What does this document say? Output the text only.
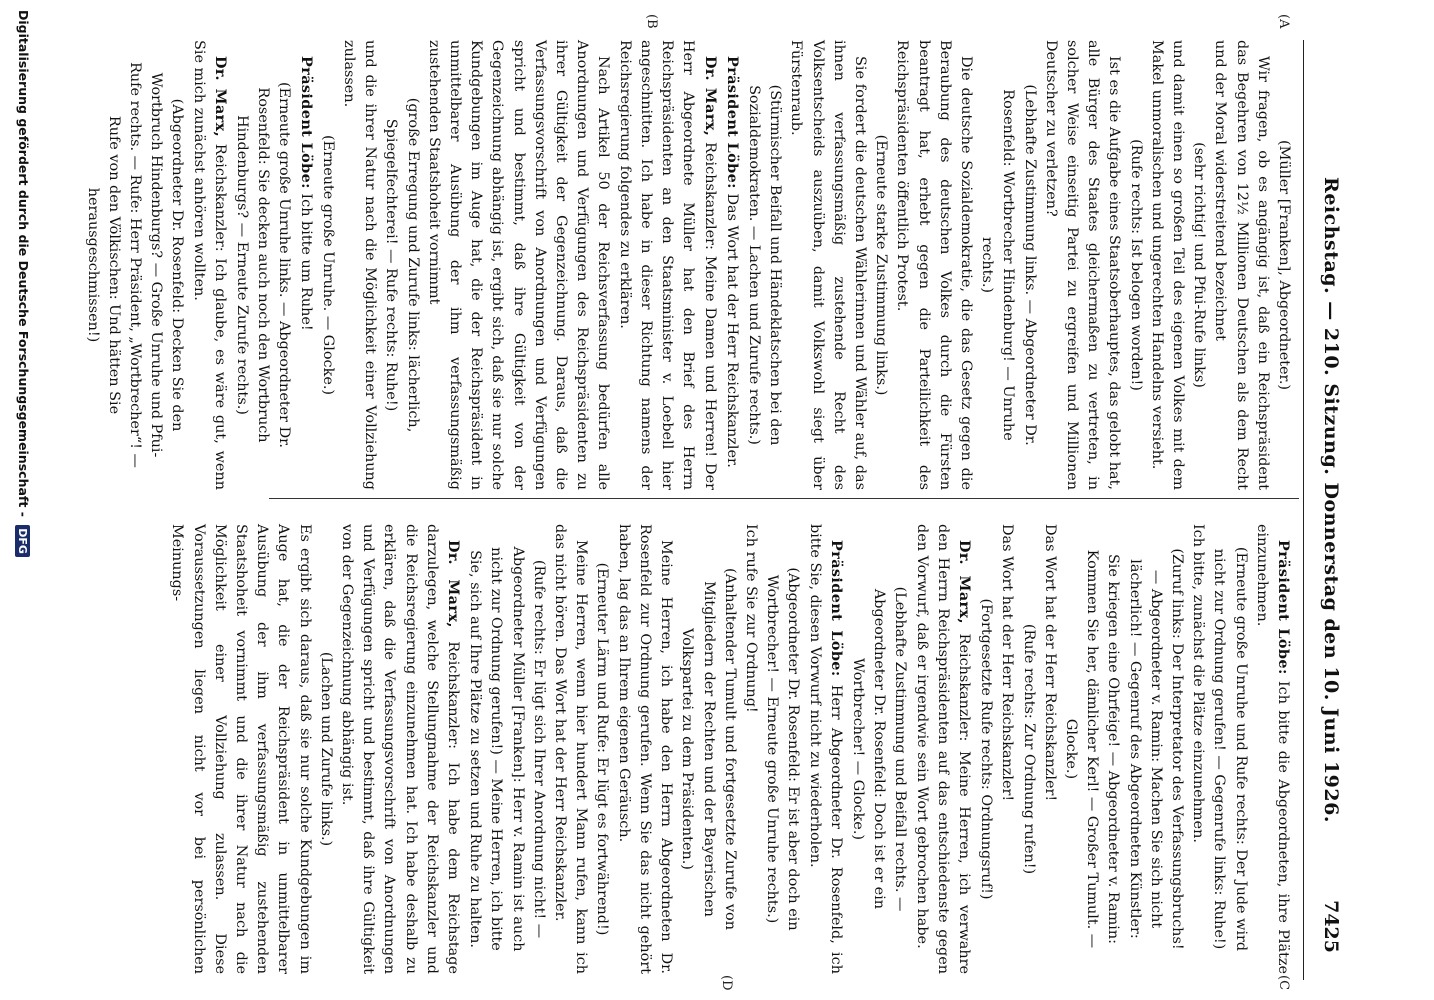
Reichstag. — 210. Sitzung. Donnerstag den 10. Juni 1926.
7425
(A
(B
(C
(D

(Müller [Franken], Abgeordneter.)

Wir fragen, ob es angängig ist, daß ein Reichspräsident das Begehren von 12½ Millionen Deutschen als dem Recht und der Moral widerstreitend bezeichnet

(sehr richtig! und Pfui-Rufe links)

und damit einen so großen Teil des eigenen Volkes mit dem Makel unmoralischen und ungerechten Handelns versieht.

(Rufe rechts: Ist belogen worden!)

Ist es die Aufgabe eines Staatsoberhauptes, das gelobt hat, alle Bürger des Staates gleichermaßen zu vertreten, in solcher Weise einseitig Partei zu ergreifen und Millionen Deutscher zu verletzen?

(Lebhafte Zustimmung links. — Abgeordneter Dr. Rosenfeld: Wortbrecher Hindenburg! — Unruhe rechts.)

Die deutsche Sozialdemokratie, die das Gesetz gegen die Beraubung des deutschen Volkes durch die Fürsten beantragt hat, erhebt gegen die Parteilichkeit des Reichspräsidenten öffentlich Protest.

(Erneute starke Zustimmung links.)

Sie fordert die deutschen Wählerinnen und Wähler auf, das ihnen verfassungsmäßig zustehende Recht des Volksentscheids auszuüben, damit Volkswohl siegt über Fürstenraub.

(Stürmischer Beifall und Händeklatschen bei den Sozialdemokraten. — Lachen und Zurufe rechts.)

Präsident Löbe: Das Wort hat der Herr Reichskanzler.

Dr. Marx, Reichskanzler: Meine Damen und Herren! Der Herr Abgeordnete Müller hat den Brief des Herrn Reichspräsidenten an den Staatsminister v. Loebell hier angeschnitten. Ich habe in dieser Richtung namens der Reichsregierung folgendes zu erklären.

Nach Artikel 50 der Reichsverfassung bedürfen alle Anordnungen und Verfügungen des Reichspräsidenten zu ihrer Gültigkeit der Gegenzeichnung. Daraus, daß die Verfassungsvorschrift von Anordnungen und Verfügungen spricht und bestimmt, daß ihre Gültigkeit von der Gegenzeichnung abhängig ist, ergibt sich, daß sie nur solche Kundgebungen im Auge hat, die der Reichspräsident in unmittelbarer Ausübung der ihm verfassungsmäßig zustehenden Staatshoheit vornimmt

(große Erregung und Zurufe links: lächerlich, Spiegelfechterei! — Rufe rechts: Ruhe!)

und die ihrer Natur nach die Möglichkeit einer Vollziehung zulassen.

(Erneute große Unruhe. — Glocke.)

Präsident Löbe: Ich bitte um Ruhe!

(Erneute große Unruhe links. — Abgeordneter Dr. Rosenfeld: Sie decken auch noch den Wortbruch Hindenburgs? — Erneute Zurufe rechts.)

Dr. Marx, Reichskanzler: Ich glaube, es wäre gut, wenn Sie mich zunächst anhören wollten.

(Abgeordneter Dr. Rosenfeld: Decken Sie den Wortbruch Hindenburgs? — Große Unruhe und Pfui-Rufe rechts. — Rufe: Herr Präsident, „Wortbrecher“! — Rufe von den Völkischen: Und hätten Sie herausgeschmissen!)

Präsident Löbe: Ich bitte die Abgeordneten, ihre Plätze einzunehmen.

(Erneute große Unruhe und Rufe rechts: Der Jude wird nicht zur Ordnung gerufen! — Gegenrufe links: Ruhe!)

Ich bitte, zunächst die Plätze einzunehmen.

(Zuruf links: Der Interpretator des Verfassungsbruchs! — Abgeordneter v. Ramin: Machen Sie sich nicht lächerlich! — Gegenruf des Abgeordneten Künstler: Sie kriegen eine Ohrfeige! — Abgeordneter v. Ramin: Kommen Sie her, dämlicher Kerl! — Großer Tumult. — Glocke.)

Das Wort hat der Herr Reichskanzler!

(Rufe rechts: Zur Ordnung rufen!)

Das Wort hat der Herr Reichskanzler!

(Fortgesetzte Rufe rechts: Ordnungsruf!)

Dr. Marx, Reichskanzler: Meine Herren, ich verwahre den Herrn Reichspräsidenten auf das entschiedenste gegen den Vorwurf, daß er irgendwie sein Wort gebrochen habe.

(Lebhafte Zustimmung und Beifall rechts. — Abgeordneter Dr. Rosenfeld: Doch ist er ein Wortbrecher! — Glocke.)

Präsident Löbe: Herr Abgeordneter Dr. Rosenfeld, ich bitte Sie, diesen Vorwurf nicht zu wiederholen.

(Abgeordneter Dr. Rosenfeld: Er ist aber doch ein Wortbrecher! — Erneute große Unruhe rechts.)

Ich rufe Sie zur Ordnung!

(Anhaltender Tumult und fortgesetzte Zurufe von Mitgliedern der Rechten und der Bayerischen Volkspartei zu dem Präsidenten.)

Meine Herren, ich habe den Herrn Abgeordneten Dr. Rosenfeld zur Ordnung gerufen. Wenn Sie das nicht gehört haben, lag das an Ihrem eigenen Geräusch.

(Erneuter Lärm und Rufe: Er lügt es fortwährend!)

Meine Herren, wenn hier hundert Mann rufen, kann ich das nicht hören. Das Wort hat der Herr Reichskanzler.

(Rufe rechts: Er lügt sich Ihrer Anordnung nicht! — Abgeordneter Müller [Franken]: Herr v. Ramin ist auch nicht zur Ordnung gerufen!) — Meine Herren, ich bitte Sie, sich auf Ihre Plätze zu setzen und Ruhe zu halten.

Dr. Marx, Reichskanzler: Ich habe dem Reichstage darzulegen, welche Stellungnahme der Reichskanzler und die Reichsregierung einzunehmen hat. Ich habe deshalb zu erklären, daß die Verfassungsvorschrift von Anordnungen und Verfügungen spricht und bestimmt, daß ihre Gültigkeit von der Gegenzeichnung abhängig ist.

(Lachen und Zurufe links.)

Es ergibt sich daraus, daß sie nur solche Kundgebungen im Auge hat, die der Reichspräsident in unmittelbarer Ausübung der ihm verfassungsmäßig zustehenden Staatshoheit vornimmt und die ihrer Natur nach die Möglichkeit einer Vollziehung zulassen. Diese Voraussetzungen liegen nicht vor bei persönlichen Meinungs-

Digitalisierung gefördert durch die Deutsche Forschungsgemeinschaft - DFG
